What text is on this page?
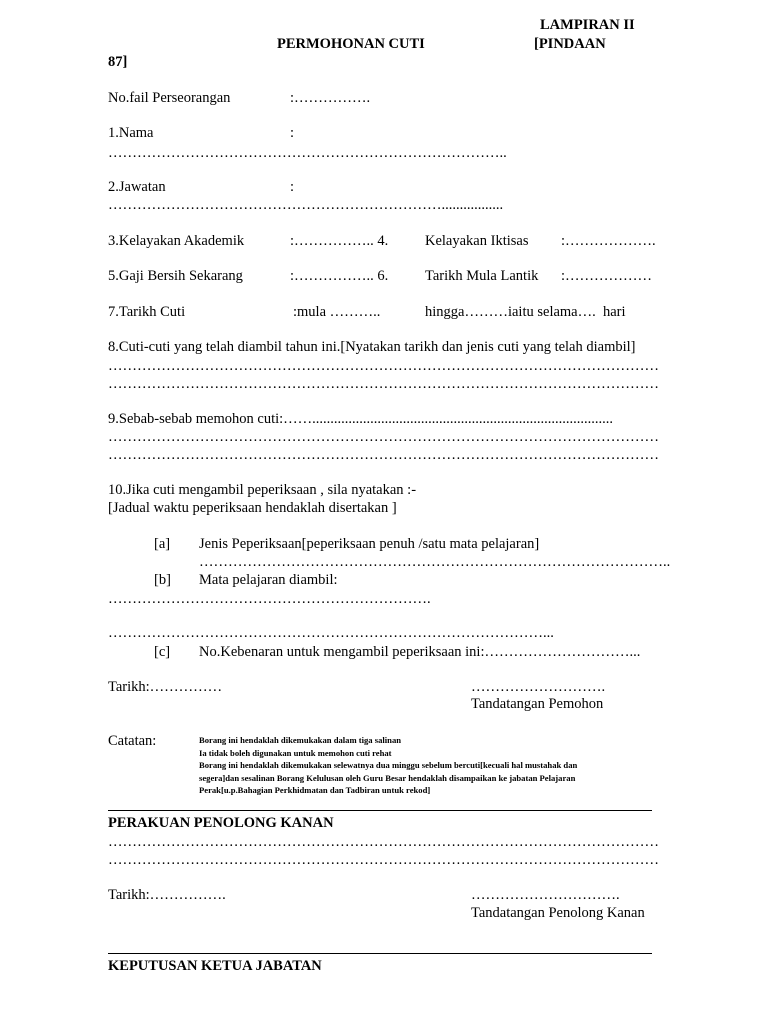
LAMPIRAN II
PERMOHONAN CUTI	[PINDAAN
87]
No.fail Perseorangan	:…………….
1.Nama	:
………………………………………………………………………..
2.Jawatan	:
…………………………………………………………….................
3.Kelayakan Akademik	:…………….. 4.	Kelayakan Iktisas :……………….
5.Gaji Bersih Sekarang	:…………….. 6.	Tarikh Mula Lantik :………………
7.Tarikh Cuti	:mula ………..	hingga………iaitu selama….  hari
8.Cuti-cuti yang telah diambil tahun ini.[Nyatakan tarikh dan jenis cuti yang telah diambil]
……………………………………………………………………………………………………
……………………………………………………………………………………………………
9.Sebab-sebab memohon cuti:……...................................................................................
……………………………………………………………………………………………………
……………………………………………………………………………………………………
10.Jika cuti mengambil peperiksaan , sila nyatakan :-
[Jadual waktu peperiksaan hendaklah disertakan ]
[a] Jenis Peperiksaan[peperiksaan penuh /satu mata pelajaran]
……………………………………………………………………………………..
[b] Mata pelajaran diambil:
………………………………………………………….
………………………………………………………………………………...
[c] No.Kebenaran untuk mengambil peperiksaan ini:…………………………...
Tarikh:……………	……………………….
Tandatangan Pemohon
Catatan:	Borang ini hendaklah dikemukakan dalam tiga salinan
Ia tidak boleh digunakan untuk memohon cuti rehat
Borang ini hendaklah dikemukakan selewatnya dua minggu sebelum bercuti[kecuali hal mustahak dan
segera]dan sesalinan Borang Kelulusan oleh Guru Besar hendaklah disampaikan ke jabatan Pelajaran
Perak[u.p.Bahagian Perkhidmatan dan Tadbiran untuk rekod]
PERAKUAN PENOLONG KANAN
……………………………………………………………………………………………………
……………………………………………………………………………………………………
Tarikh:…………….	………………………….
Tandatangan Penolong Kanan
KEPUTUSAN KETUA JABATAN
